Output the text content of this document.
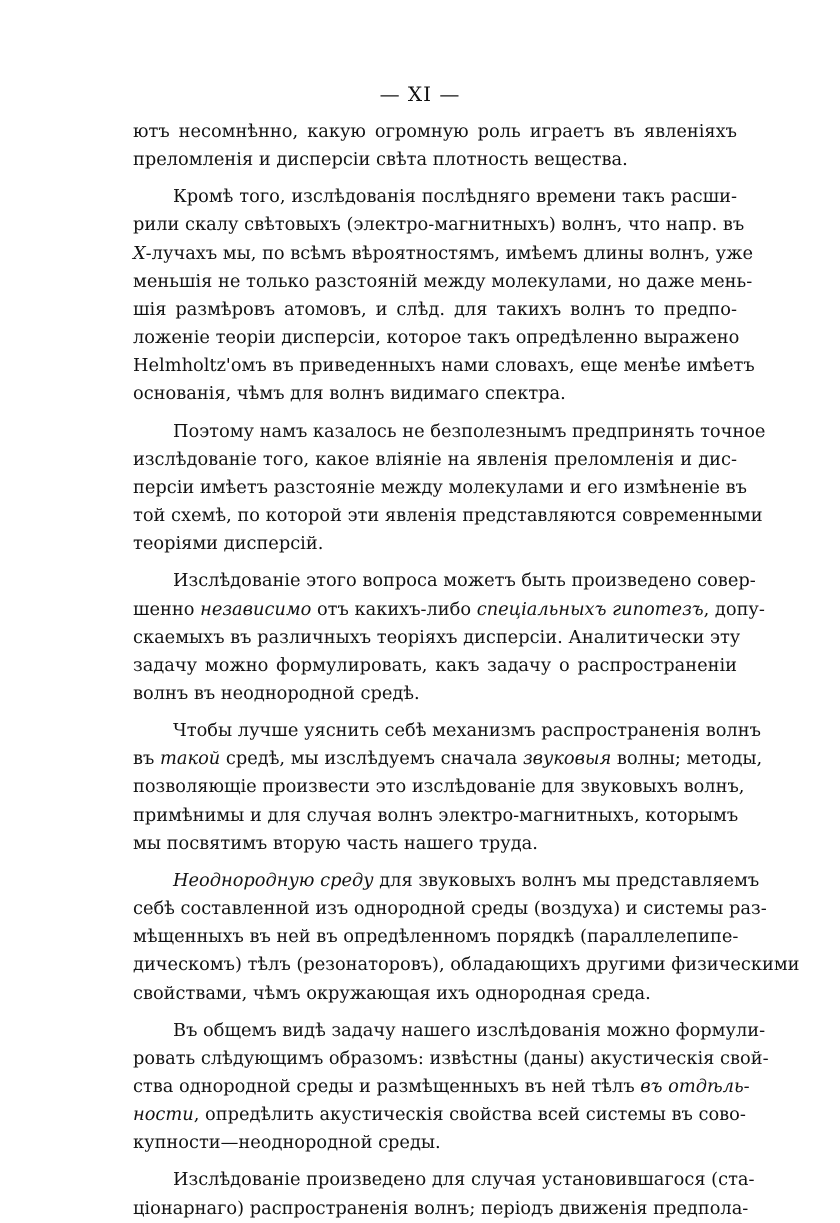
— XI —
ютъ несомнѣнно, какую огромную роль играетъ въ явленіяхъ
преломленія и дисперсіи свѣта плотность вещества.
Кромѣ того, изслѣдованія послѣдняго времени такъ расши-
рили скалу свѣтовыхъ (электро-магнитныхъ) волнъ, что напр. въ
X-лучахъ мы, по всѣмъ вѣроятностямъ, имѣемъ длины волнъ, уже
меньшія не только разстояній между молекулами, но даже мень-
шія размѣровъ атомовъ, и слѣд. для такихъ волнъ то предпо-
ложеніе теоріи дисперсіи, которое такъ опредѣленно выражено
Helmholtz'омъ въ приведенныхъ нами словахъ, еще менѣе имѣетъ
основанія, чѣмъ для волнъ видимаго спектра.
Поэтому намъ казалось не безполезнымъ предпринять точное
изслѣдованіе того, какое вліяніе на явленія преломленія и дис-
персіи имѣетъ разстояніе между молекулами и его измѣненіе въ
той схемѣ, по которой эти явленія представляются современными
теоріями дисперсій.
Изслѣдованіе этого вопроса можетъ быть произведено совер-
шенно независимо отъ какихъ-либо спеціальныхъ гипотезъ, допу-
скаемыхъ въ различныхъ теоріяхъ дисперсіи. Аналитически эту
задачу можно формулировать, какъ задачу о распространеніи
волнъ въ неоднородной средѣ.
Чтобы лучше уяснить себѣ механизмъ распространенія волнъ
въ такой средѣ, мы изслѣдуемъ сначала звуковыя волны; методы,
позволяющіе произвести это изслѣдованіе для звуковыхъ волнъ,
примѣнимы и для случая волнъ электро-магнитныхъ, которымъ
мы посвятимъ вторую часть нашего труда.
Неоднородную среду для звуковыхъ волнъ мы представляемъ
себѣ составленной изъ однородной среды (воздуха) и системы раз-
мѣщенныхъ въ ней въ опредѣленномъ порядкѣ (параллелепипе-
дическомъ) тѣлъ (резонаторовъ), обладающихъ другими физическими
свойствами, чѣмъ окружающая ихъ однородная среда.
Въ общемъ видѣ задачу нашего изслѣдованія можно формули-
ровать слѣдующимъ образомъ: извѣстны (даны) акустическія свой-
ства однородной среды и размѣщенныхъ въ ней тѣлъ въ отдѣль-
ности, опредѣлить акустическія свойства всей системы въ сово-
купности—неоднородной среды.
Изслѣдованіе произведено для случая установившагося (ста-
ціонарнаго) распространенія волнъ; періодъ движенія предпола-
